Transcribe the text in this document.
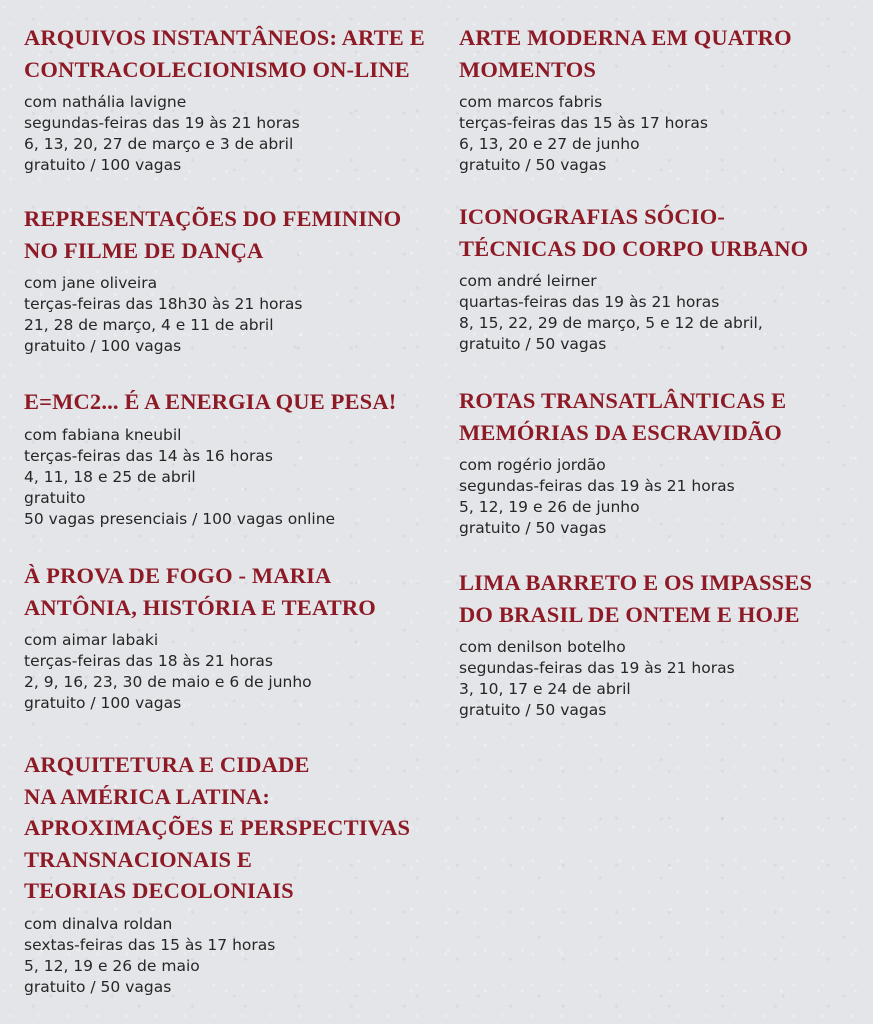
ARQUIVOS INSTANTÂNEOS: ARTE E
CONTRACOLECIONISMO ON-LINE
com nathália lavigne
segundas-feiras das 19 às 21 horas
6, 13, 20, 27 de março e 3 de abril
gratuito / 100 vagas
REPRESENTAÇÕES DO FEMININO
NO FILME DE DANÇA
com jane oliveira
terças-feiras das 18h30 às 21 horas
21, 28 de março, 4 e 11 de abril
gratuito / 100 vagas
E=MC2... É A ENERGIA QUE PESA!
com fabiana kneubil
terças-feiras das 14 às 16 horas
4, 11, 18 e 25 de abril
gratuito
50 vagas presenciais / 100 vagas online
À PROVA DE FOGO - MARIA
ANTÔNIA, HISTÓRIA E TEATRO
com aimar labaki
terças-feiras das 18 às 21 horas
2, 9, 16, 23, 30 de maio e 6 de junho
gratuito / 100 vagas
ARQUITETURA E CIDADE
NA AMÉRICA LATINA:
APROXIMAÇÕES E PERSPECTIVAS
TRANSNACIONAIS E
TEORIAS DECOLONIAIS
com dinalva roldan
sextas-feiras das 15 às 17 horas
5, 12, 19 e 26 de maio
gratuito / 50 vagas
ARTE MODERNA EM QUATRO
MOMENTOS
com marcos fabris
terças-feiras das 15 às 17 horas
6, 13, 20 e 27 de junho
gratuito / 50 vagas
ICONOGRAFIAS SÓCIO-
TÉCNICAS DO CORPO URBANO
com andré leirner
quartas-feiras das 19 às 21 horas
8, 15, 22, 29 de março, 5 e 12 de abril,
gratuito / 50 vagas
ROTAS TRANSATLÂNTICAS E
MEMÓRIAS DA ESCRAVIDÃO
com rogério jordão
segundas-feiras das 19 às 21 horas
5, 12, 19 e 26 de junho
gratuito / 50 vagas
LIMA BARRETO E OS IMPASSES
DO BRASIL DE ONTEM E HOJE
com denilson botelho
segundas-feiras das 19 às 21 horas
3, 10, 17 e 24 de abril
gratuito / 50 vagas
